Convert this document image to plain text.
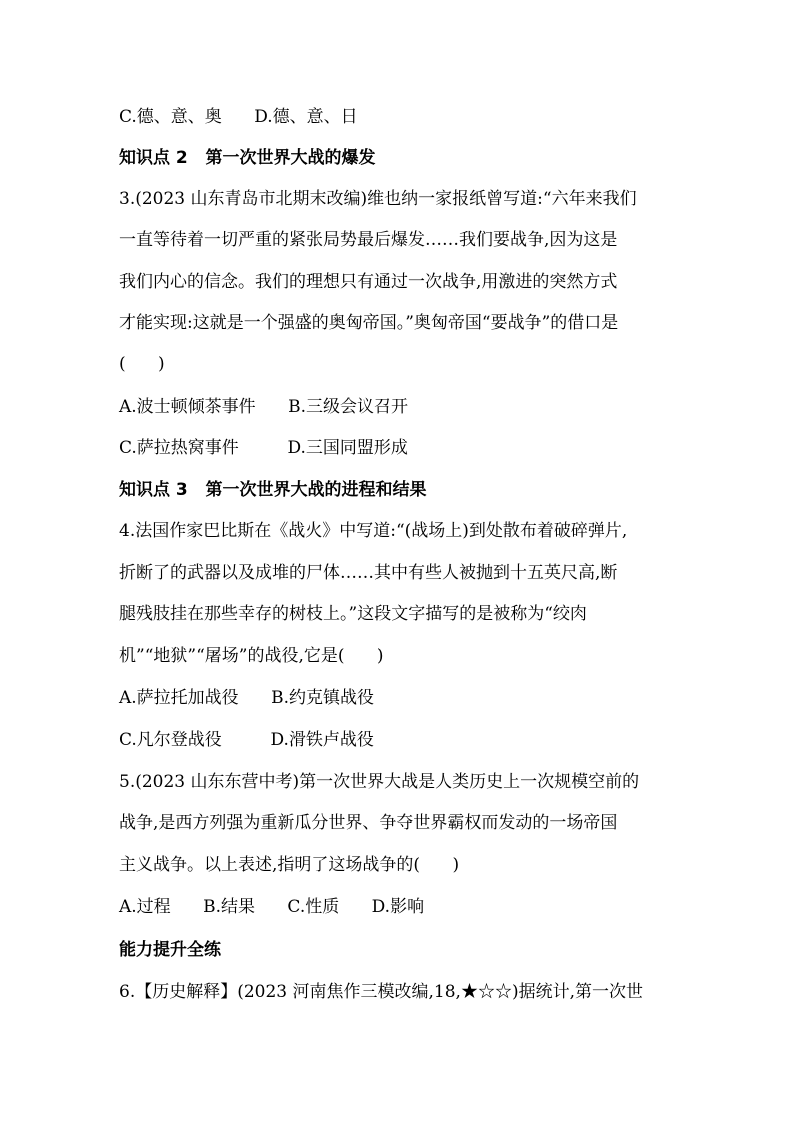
C.德、意、奥      D.德、意、日
知识点 2   第一次世界大战的爆发
3.(2023 山东青岛市北期末改编)维也纳一家报纸曾写道:“六年来我们
一直等待着一切严重的紧张局势最后爆发……我们要战争,因为这是
我们内心的信念。我们的理想只有通过一次战争,用激进的突然方式
才能实现:这就是一个强盛的奥匈帝国。”奥匈帝国“要战争”的借口是
(      )
A.波士顿倾茶事件      B.三级会议召开
C.萨拉热窝事件         D.三国同盟形成
知识点 3   第一次世界大战的进程和结果
4.法国作家巴比斯在《战火》中写道:“(战场上)到处散布着破碎弹片,
折断了的武器以及成堆的尸体……其中有些人被抛到十五英尺高,断
腿残肢挂在那些幸存的树枝上。”这段文字描写的是被称为“绞肉
机”“地狱”“屠场”的战役,它是(      )
A.萨拉托加战役      B.约克镇战役
C.凡尔登战役         D.滑铁卢战役
5.(2023 山东东营中考)第一次世界大战是人类历史上一次规模空前的
战争,是西方列强为重新瓜分世界、争夺世界霸权而发动的一场帝国
主义战争。以上表述,指明了这场战争的(      )
A.过程      B.结果      C.性质      D.影响
能力提升全练
6.【历史解释】(2023 河南焦作三模改编,18,★☆☆)据统计,第一次世
